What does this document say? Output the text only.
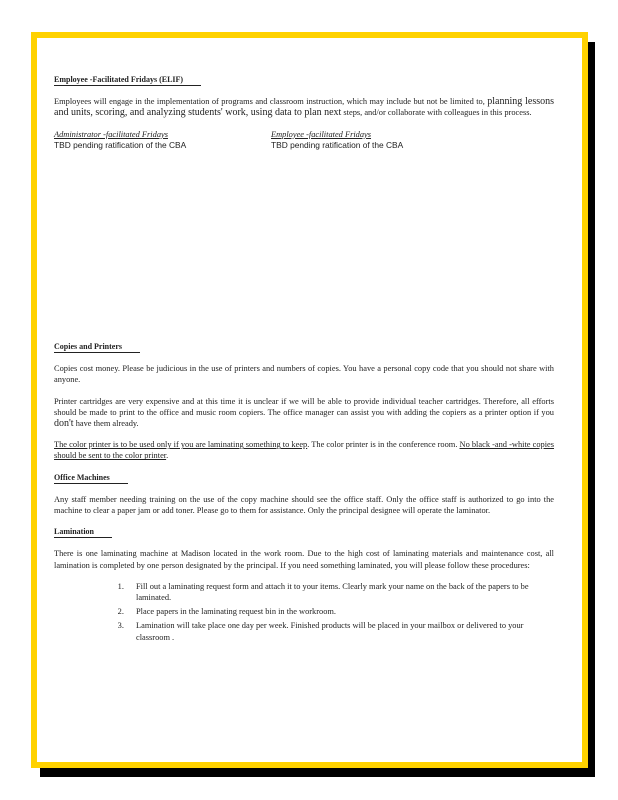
Employee -Facilitated Fridays (ELIF)

Employees will engage in the implementation of programs and classroom instruction, which may include but not be limited to, planning lessons and units, scoring, and analyzing students' work, using data to plan next steps, and/or collaborate with colleagues in this process.

Administrator -facilitated Fridays
TBD pending ratification of the CBA
Employee -facilitated Fridays
TBD pending ratification of the CBA
Copies and Printers

Copies cost money. Please be judicious in the use of printers and numbers of copies. You have a personal copy code that you should not share with anyone.

Printer cartridges are very expensive and at this time it is unclear if we will be able to provide individual teacher cartridges. Therefore, all efforts should be made to print to the office and music room copiers. The office manager can assist you with adding the copiers as a printer option if you don't have them already.

The color printer is to be used only if you are laminating something to keep. The color printer is in the conference room. No black -and -white copies should be sent to the color printer.

Office Machines

Any staff member needing training on the use of the copy machine should see the office staff. Only the office staff is authorized to go into the machine to clear a paper jam or add toner. Please go to them for assistance. Only the principal designee will operate the laminator.

Lamination

There is one laminating machine at Madison located in the work room. Due to the high cost of laminating materials and maintenance cost, all lamination is completed by one person designated by the principal. If you need something laminated, you will please follow these procedures:

1. Fill out a laminating request form and attach it to your items. Clearly mark your name on the back of the papers to be laminated.
2. Place papers in the laminating request bin in the workroom.
3. Lamination will take place one day per week. Finished products will be placed in your mailbox or delivered to your classroom .
